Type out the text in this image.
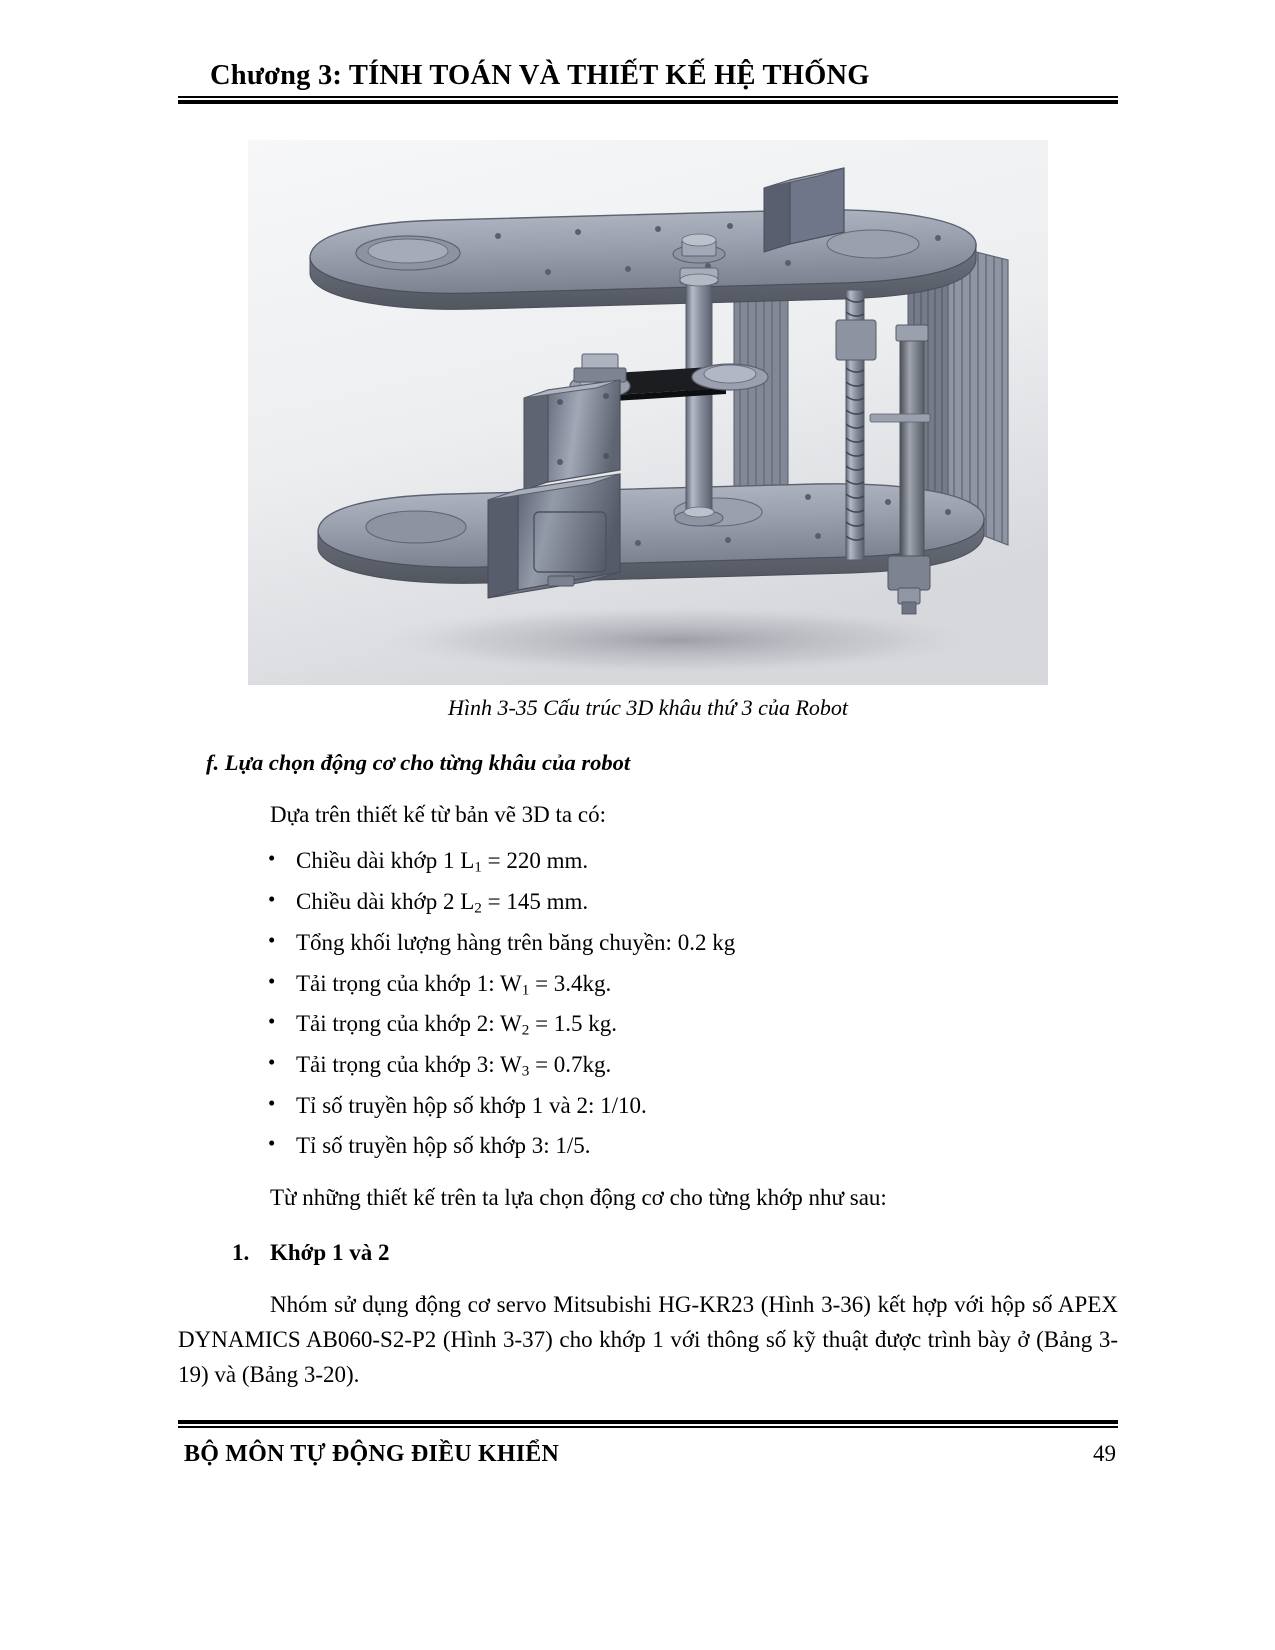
Chương 3: TÍNH TOÁN VÀ THIẾT KẾ HỆ THỐNG
Hình 3-35 Cấu trúc 3D khâu thứ 3 của Robot
f. Lựa chọn động cơ cho từng khâu của robot

Dựa trên thiết kế từ bản vẽ 3D ta có:

• Chiều dài khớp 1 $L_1 = 220$ mm.
• Chiều dài khớp 2 $L_2 = 145$ mm.
• Tổng khối lượng hàng trên băng chuyền: 0.2 kg
• Tải trọng của khớp 1: $W_1 = 3.4kg$.
• Tải trọng của khớp 2: $W_2 = 1.5$ kg.
• Tải trọng của khớp 3: $W_3 = 0.7kg$.
• Tỉ số truyền hộp số khớp 1 và 2: 1/10.
• Tỉ số truyền hộp số khớp 3: 1/5.

Từ những thiết kế trên ta lựa chọn động cơ cho từng khớp như sau:

1. Khớp 1 và 2

Nhóm sử dụng động cơ servo Mitsubishi HG-KR23 (Hình 3-36) kết hợp với hộp số APEX DYNAMICS AB060-S2-P2 (Hình 3-37) cho khớp 1 với thông số kỹ thuật được trình bày ở (Bảng 3-19) và (Bảng 3-20).

BỘ MÔN TỰ ĐỘNG ĐIỀU KHIỂN	49
